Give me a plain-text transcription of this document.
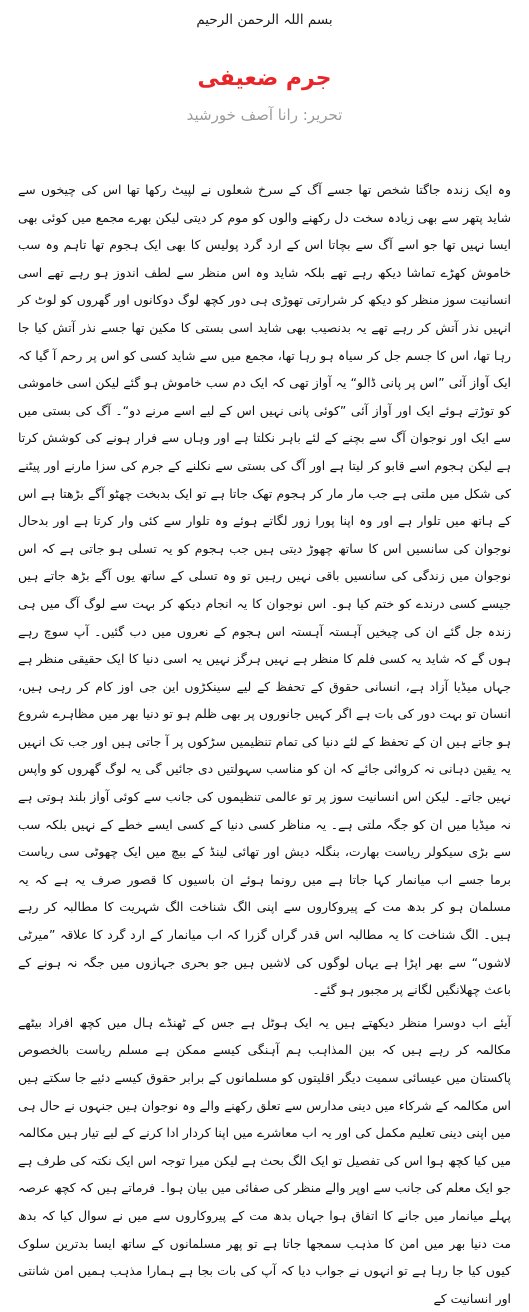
بسم اللہ الرحمن الرحیم
جرم ضعیفی
تحریر: رانا آصف خورشید

وہ ایک زندہ جاگتا شخص تھا جسے آگ کے سرخ شعلوں نے لپیٹ رکھا تھا اس کی چیخوں سے شاید پتھر سے بھی زیادہ سخت دل رکھنے والوں کو موم کر دیتی لیکن بھرے مجمع میں کوئی بھی ایسا نہیں تھا جو اسے آگ سے بچاتا اس کے ارد گرد پولیس کا بھی ایک ہجوم تھا تاہم وہ سب خاموش کھڑے تماشا دیکھ رہے تھے بلکہ شاید وہ اس منظر سے لطف اندوز ہو رہے تھے اسی انسانیت سوز منظر کو دیکھ کر شرارتی تھوڑی ہی دور کچھ لوگ دوکانوں اور گھروں کو لوٹ کر انہیں نذر آتش کر رہے تھے یہ بدنصیب بھی شاید اسی بستی کا مکین تھا جسے نذر آتش کیا جا رہا تھا، اس کا جسم جل کر سیاہ ہو رہا تھا، مجمع میں سے شاید کسی کو اس پر رحم آ گیا کہ ایک آواز آئی ”اس پر پانی ڈالو“ یہ آواز تھی کہ ایک دم سب خاموش ہو گئے لیکن اسی خاموشی کو توڑتے ہوئے ایک اور آواز آئی ”کوئی پانی نہیں اس کے لیے اسے مرنے دو“۔ آگ کی بستی میں سے ایک اور نوجوان آگ سے بچنے کے لئے باہر نکلتا ہے اور وہاں سے فرار ہونے کی کوشش کرتا ہے لیکن ہجوم اسے قابو کر لیتا ہے اور آگ کی بستی سے نکلنے کے جرم کی سزا مارنے اور پیٹنے کی شکل میں ملتی ہے جب مار مار کر ہجوم تھک جاتا ہے تو ایک بدبخت چھٹو آگے بڑھتا ہے اس کے ہاتھ میں تلوار ہے اور وہ اپنا پورا زور لگاتے ہوئے وہ تلوار سے کئی وار کرتا ہے اور بدحال نوجوان کی سانسیں اس کا ساتھ چھوڑ دیتی ہیں جب ہجوم کو یہ تسلی ہو جاتی ہے کہ اس نوجوان میں زندگی کی سانسیں باقی نہیں رہیں تو وہ تسلی کے ساتھ یوں آگے بڑھ جاتے ہیں جیسے کسی درندے کو ختم کیا ہو۔ اس نوجوان کا یہ انجام دیکھ کر بہت سے لوگ آگ میں ہی زندہ جل گئے ان کی چیخیں آہستہ آہستہ اس ہجوم کے نعروں میں دب گئیں۔ آپ سوچ رہے ہوں گے کہ شاید یہ کسی فلم کا منظر ہے نہیں ہرگز نہیں یہ اسی دنیا کا ایک حقیقی منظر ہے جہاں میڈیا آزاد ہے، انسانی حقوق کے تحفظ کے لیے سینکڑوں این جی اوز کام کر رہی ہیں، انسان تو بہت دور کی بات ہے اگر کہیں جانوروں پر بھی ظلم ہو تو دنیا بھر میں مظاہرے شروع ہو جاتے ہیں ان کے تحفظ کے لئے دنیا کی تمام تنظیمیں سڑکوں پر آ جاتی ہیں اور جب تک انہیں یہ یقین دہانی نہ کروائی جائے کہ ان کو مناسب سہولتیں دی جائیں گی یہ لوگ گھروں کو واپس نہیں جاتے۔ لیکن اس انسانیت سوز پر تو عالمی تنظیموں کی جانب سے کوئی آواز بلند ہوتی ہے نہ میڈیا میں ان کو جگہ ملتی ہے۔ یہ مناظر کسی دنیا کے کسی ایسے خطے کے نہیں بلکہ سب سے بڑی سیکولر ریاست بھارت، بنگلہ دیش اور تھائی لینڈ کے بیچ میں ایک چھوٹی سی ریاست برما جسے اب میانمار کہا جاتا ہے میں رونما ہوئے ان باسیوں کا قصور صرف یہ ہے کہ یہ مسلمان ہو کر بدھ مت کے پیروکاروں سے اپنی الگ شناخت الگ شہریت کا مطالبہ کر رہے ہیں۔ الگ شناخت کا یہ مطالبہ اس قدر گراں گزرا کہ اب میانمار کے ارد گرد کا علاقہ ”میرٹی لاشوں“ سے بھر اپڑا ہے یہاں لوگوں کی لاشیں ہیں جو بحری جہازوں میں جگہ نہ ہونے کے باعث چھلانگیں لگانے پر مجبور ہو گئے۔

آیئے اب دوسرا منظر دیکھتے ہیں یہ ایک ہوٹل ہے جس کے ٹھنڈے ہال میں کچھ افراد بیٹھے مکالمہ کر رہے ہیں کہ بین المذاہب ہم آہنگی کیسے ممکن ہے مسلم ریاست بالخصوص پاکستان میں عیسائی سمیت دیگر اقلیتوں کو مسلمانوں کے برابر حقوق کیسے دئیے جا سکتے ہیں اس مکالمہ کے شرکاء میں دینی مدارس سے تعلق رکھنے والے وہ نوجوان ہیں جنہوں نے حال ہی میں اپنی دینی تعلیم مکمل کی اور یہ اب معاشرے میں اپنا کردار ادا کرنے کے لیے تیار ہیں مکالمہ میں کیا کچھ ہوا اس کی تفصیل تو ایک الگ بحث ہے لیکن میرا توجہ اس ایک نکتہ کی طرف ہے جو ایک معلم کی جانب سے اوپر والے منظر کی صفائی میں بیان ہوا۔ فرماتے ہیں کہ کچھ عرصہ پہلے میانمار میں جانے کا اتفاق ہوا جہاں بدھ مت کے پیروکاروں سے میں نے سوال کیا کہ بدھ مت دنیا بھر میں امن کا مذہب سمجھا جاتا ہے تو پھر مسلمانوں کے ساتھ ایسا بدترین سلوک کیوں کیا جا رہا ہے تو انہوں نے جواب دیا کہ آپ کی بات بجا ہے ہمارا مذہب ہمیں امن شانتی اور انسانیت کے
